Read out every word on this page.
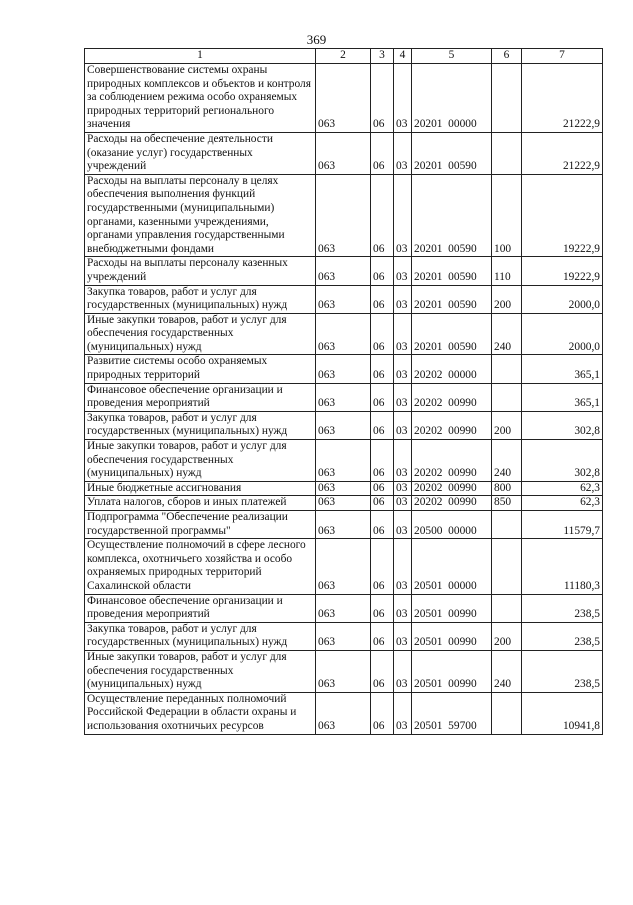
369
1	2	3	4	5	6	7
Совершенствование системы охраны природных комплексов и объектов и контроля за соблюдением режима особо охраняемых природных территорий регионального значения	063	06	03	20201  00000		21222,9
Расходы на обеспечение деятельности (оказание услуг) государственных учреждений	063	06	03	20201  00590		21222,9
Расходы на выплаты персоналу в целях обеспечения выполнения функций государственными (муниципальными) органами, казенными учреждениями, органами управления государственными внебюджетными фондами	063	06	03	20201  00590	100	19222,9
Расходы на выплаты персоналу казенных учреждений	063	06	03	20201  00590	110	19222,9
Закупка товаров, работ и услуг для государственных (муниципальных) нужд	063	06	03	20201  00590	200	2000,0
Иные закупки товаров, работ и услуг для обеспечения государственных (муниципальных) нужд	063	06	03	20201  00590	240	2000,0
Развитие системы особо охраняемых природных территорий	063	06	03	20202  00000		365,1
Финансовое обеспечение организации и проведения мероприятий	063	06	03	20202  00990		365,1
Закупка товаров, работ и услуг для государственных (муниципальных) нужд	063	06	03	20202  00990	200	302,8
Иные закупки товаров, работ и услуг для обеспечения государственных (муниципальных) нужд	063	06	03	20202  00990	240	302,8
Иные бюджетные ассигнования	063	06	03	20202  00990	800	62,3
Уплата налогов, сборов и иных платежей	063	06	03	20202  00990	850	62,3
Подпрограмма "Обеспечение реализации государственной программы"	063	06	03	20500  00000		11579,7
Осуществление полномочий в сфере лесного комплекса, охотничьего хозяйства и особо охраняемых природных территорий Сахалинской области	063	06	03	20501  00000		11180,3
Финансовое обеспечение организации и проведения мероприятий	063	06	03	20501  00990		238,5
Закупка товаров, работ и услуг для государственных (муниципальных) нужд	063	06	03	20501  00990	200	238,5
Иные закупки товаров, работ и услуг для обеспечения государственных (муниципальных) нужд	063	06	03	20501  00990	240	238,5
Осуществление переданных полномочий Российской Федерации в области охраны и использования охотничьих ресурсов	063	06	03	20501  59700		10941,8
